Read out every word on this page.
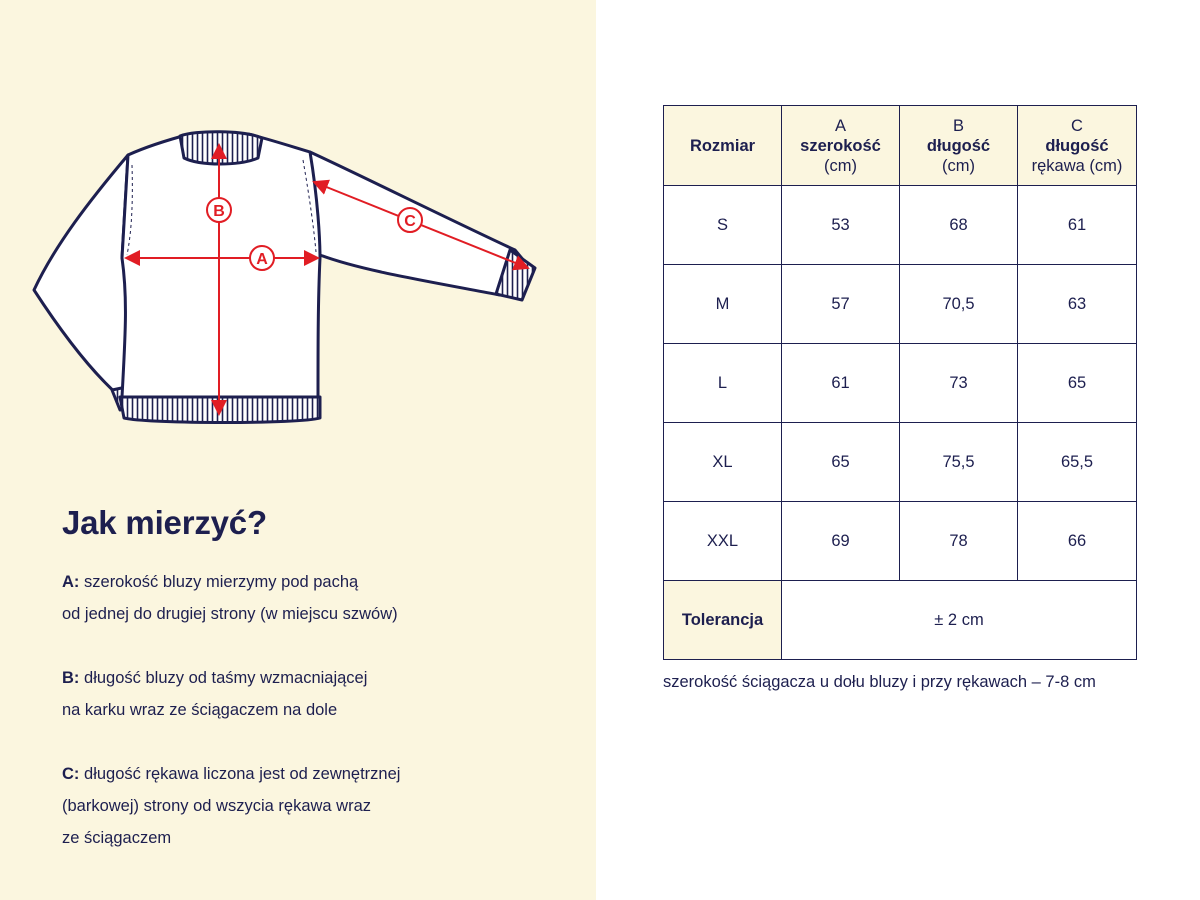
A
B
C
Jak mierzyć?
A: szerokość bluzy mierzymy pod pachą
od jednej do drugiej strony (w miejscu szwów)
B: długość bluzy od taśmy wzmacniającej
na karku wraz ze ściągaczem na dole
C: długość rękawa liczona jest od zewnętrznej
(barkowej) strony od wszycia rękawa wraz
ze ściągaczem
Rozmiar	A
szerokość
(cm)	B
długość
(cm)	C
długość
rękawa (cm)

S	53	68	61
M	57	70,5	63
L	61	73	65
XL	65	75,5	65,5
XXL	69	78	66
Tolerancja	± 2 cm		
szerokość ściągacza u dołu bluzy i przy rękawach – 7-8 cm
